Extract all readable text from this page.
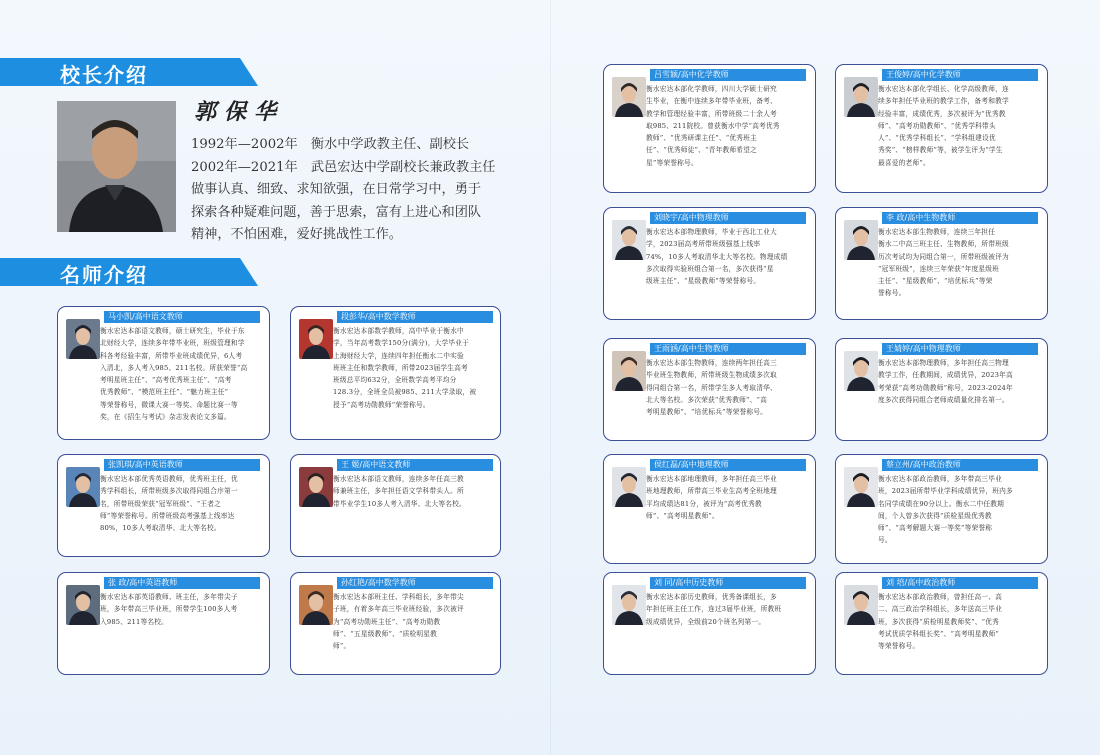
校长介绍
郭保华
1992年—2002年　衡水中学政教主任、副校长
2002年—2021年　武邑宏达中学副校长兼政教主任
做事认真、细致、求知欲强，在日常学习中，勇于
探索各种疑难问题，善于思索，富有上进心和团队
精神，不怕困难，爱好挑战性工作。
名师介绍
马小凯/高中语文教师
衡水宏达本部语文教师，硕士研究生，毕业于东
北财经大学，连续多年带毕业班，班级管理和学
科各考经验丰富，所带毕业班成绩优异，6人考
入清北，多人考入985、211名校。所获荣誉“高
考明星班主任”、“高考优秀班主任”、“高考
优秀教师”、“模范班主任”、“魅力班主任”
等荣誉称号，微课大赛一等奖、命题比赛一等
奖，在《招生与考试》杂志发表论文多篇。
段彭华/高中数学教师
衡水宏达本部数学教师，高中毕业于衡水中
学，当年高考数学150分(满分)，大学毕业于
上海财经大学，连续四年担任衡水二中实验
班班主任和数学教师，所带2023届学生高考
班级总平均632分，全班数学高考平均分
128.3分，全班全员被985、211大学录取，被
授予“高考功勋教师”荣誉称号。
张凯琪/高中英语教师
衡水宏达本部优秀英语教师，优秀班主任，优
秀学科组长，所带班级多次取得同组合序第一
名，所带班级荣获“冠军班级”、“王者之
师”等荣誉称号。所带班级高考强基上线率达
80%，10多人考取清华、北大等名校。
王 姬/高中语文教师
衡水宏达本部语文教师，连续多年任高三教
师兼班主任，多年担任语文学科带头人。所
带毕业学生10多人考入清华、北大等名校。
张 政/高中英语教师
衡水宏达本部英语教师、班主任，多年带尖子
班，多年带高三毕业班，所带学生100多人考
入985、211等名校。
孙红艳/高中数学教师
衡水宏达本部班主任、学科组长，多年带尖
子班，有着多年高三毕业班经验，多次被评
为“高考功勋班主任”、“高考功勋教
师”、“五星级教师”、“质检明星教
师”。
吕雪颖/高中化学教师
衡水宏达本部化学教师，四川大学硕士研究
生毕业，在衡中连续多年带毕业班，备考、
教学和管理经验丰富，所带班级二十余人考
取985、211院校。曾获衡水中学“高考优秀
教师”、“优秀研课主任”、“优秀班主
任”、“优秀师徒”、“青年教师希望之
星”等荣誉称号。
王俊婷/高中化学教师
衡水宏达本部化学组长、化学高级教师，连
续多年担任毕业班的教学工作，备考和教学
经验丰富，成绩优秀，多次被评为“优秀教
师”、“高考功勋教师”、“优秀学科带头
人”、“优秀学科组长”、“学科组建设优
秀奖”、“榜样教师”等，被学生评为“学生
最喜爱的老师”。
刘晓宇/高中物理教师
衡水宏达本部物理教师，毕业于西北工业大
学，2023届高考所带班级强基上线率
74%，10多人考取清华北大等名校。物理成绩
多次取得实验班组合第一名，多次获得“星
级班主任”、“星级教师”等荣誉称号。
李 政/高中生物教师
衡水宏达本部生物教师，连续三年担任
衡水二中高三班主任、生物教师，所带班级
历次考试均为同组合第一，所带班级被评为
“冠军班级”，连续三年荣获“年度星级班
主任”、“星级教师”、“培优标兵”等荣
誉称号。
王雨涵/高中生物教师
衡水宏达本部生物教师，连续两年担任高三
毕业班生物教师，所带班级生物成绩多次取
得同组合第一名，所带学生多人考取清华、
北大等名校。多次荣获“优秀教师”、“高
考明星教师”、“培优标兵”等荣誉称号。
王婧婷/高中物理教师
衡水宏达本部物理教师，多年担任高三物理
教学工作，任教期间，成绩优异，2023年高
考荣获“高考功勋教师”称号，2023-2024年
度多次获得同组合老师成绩量化排名第一。
侯红磊/高中地理教师
衡水宏达本部地理教师，多年担任高三毕业
班地理教师，所带高三毕业生高考全班地理
平均成绩达81分，被评为“高考优秀教
师”、“高考明星教师”。
蔡立州/高中政治教师
衡水宏达本部政治教师，多年带高三毕业
班，2023届所带毕业学科成绩优异，班内多
名同学成绩在90分以上。衡水二中任教期
间，个人曾多次获得“质检星级优秀教
师”、“高考解题大赛一等奖”等荣誉称
号。
刘 同/高中历史教师
衡水宏达本部历史教师，优秀备课组长，多
年担任班主任工作，连过3届毕业班，所教班
级成绩优异，全级前20个班名列第一。
刘 培/高中政治教师
衡水宏达本部政治教师，曾担任高一、高
二、高三政治学科组长，多年送高三毕业
班，多次获得“质检明星教师奖”、“优秀
考试优质学科组长奖”、“高考明星教师”
等荣誉称号。
